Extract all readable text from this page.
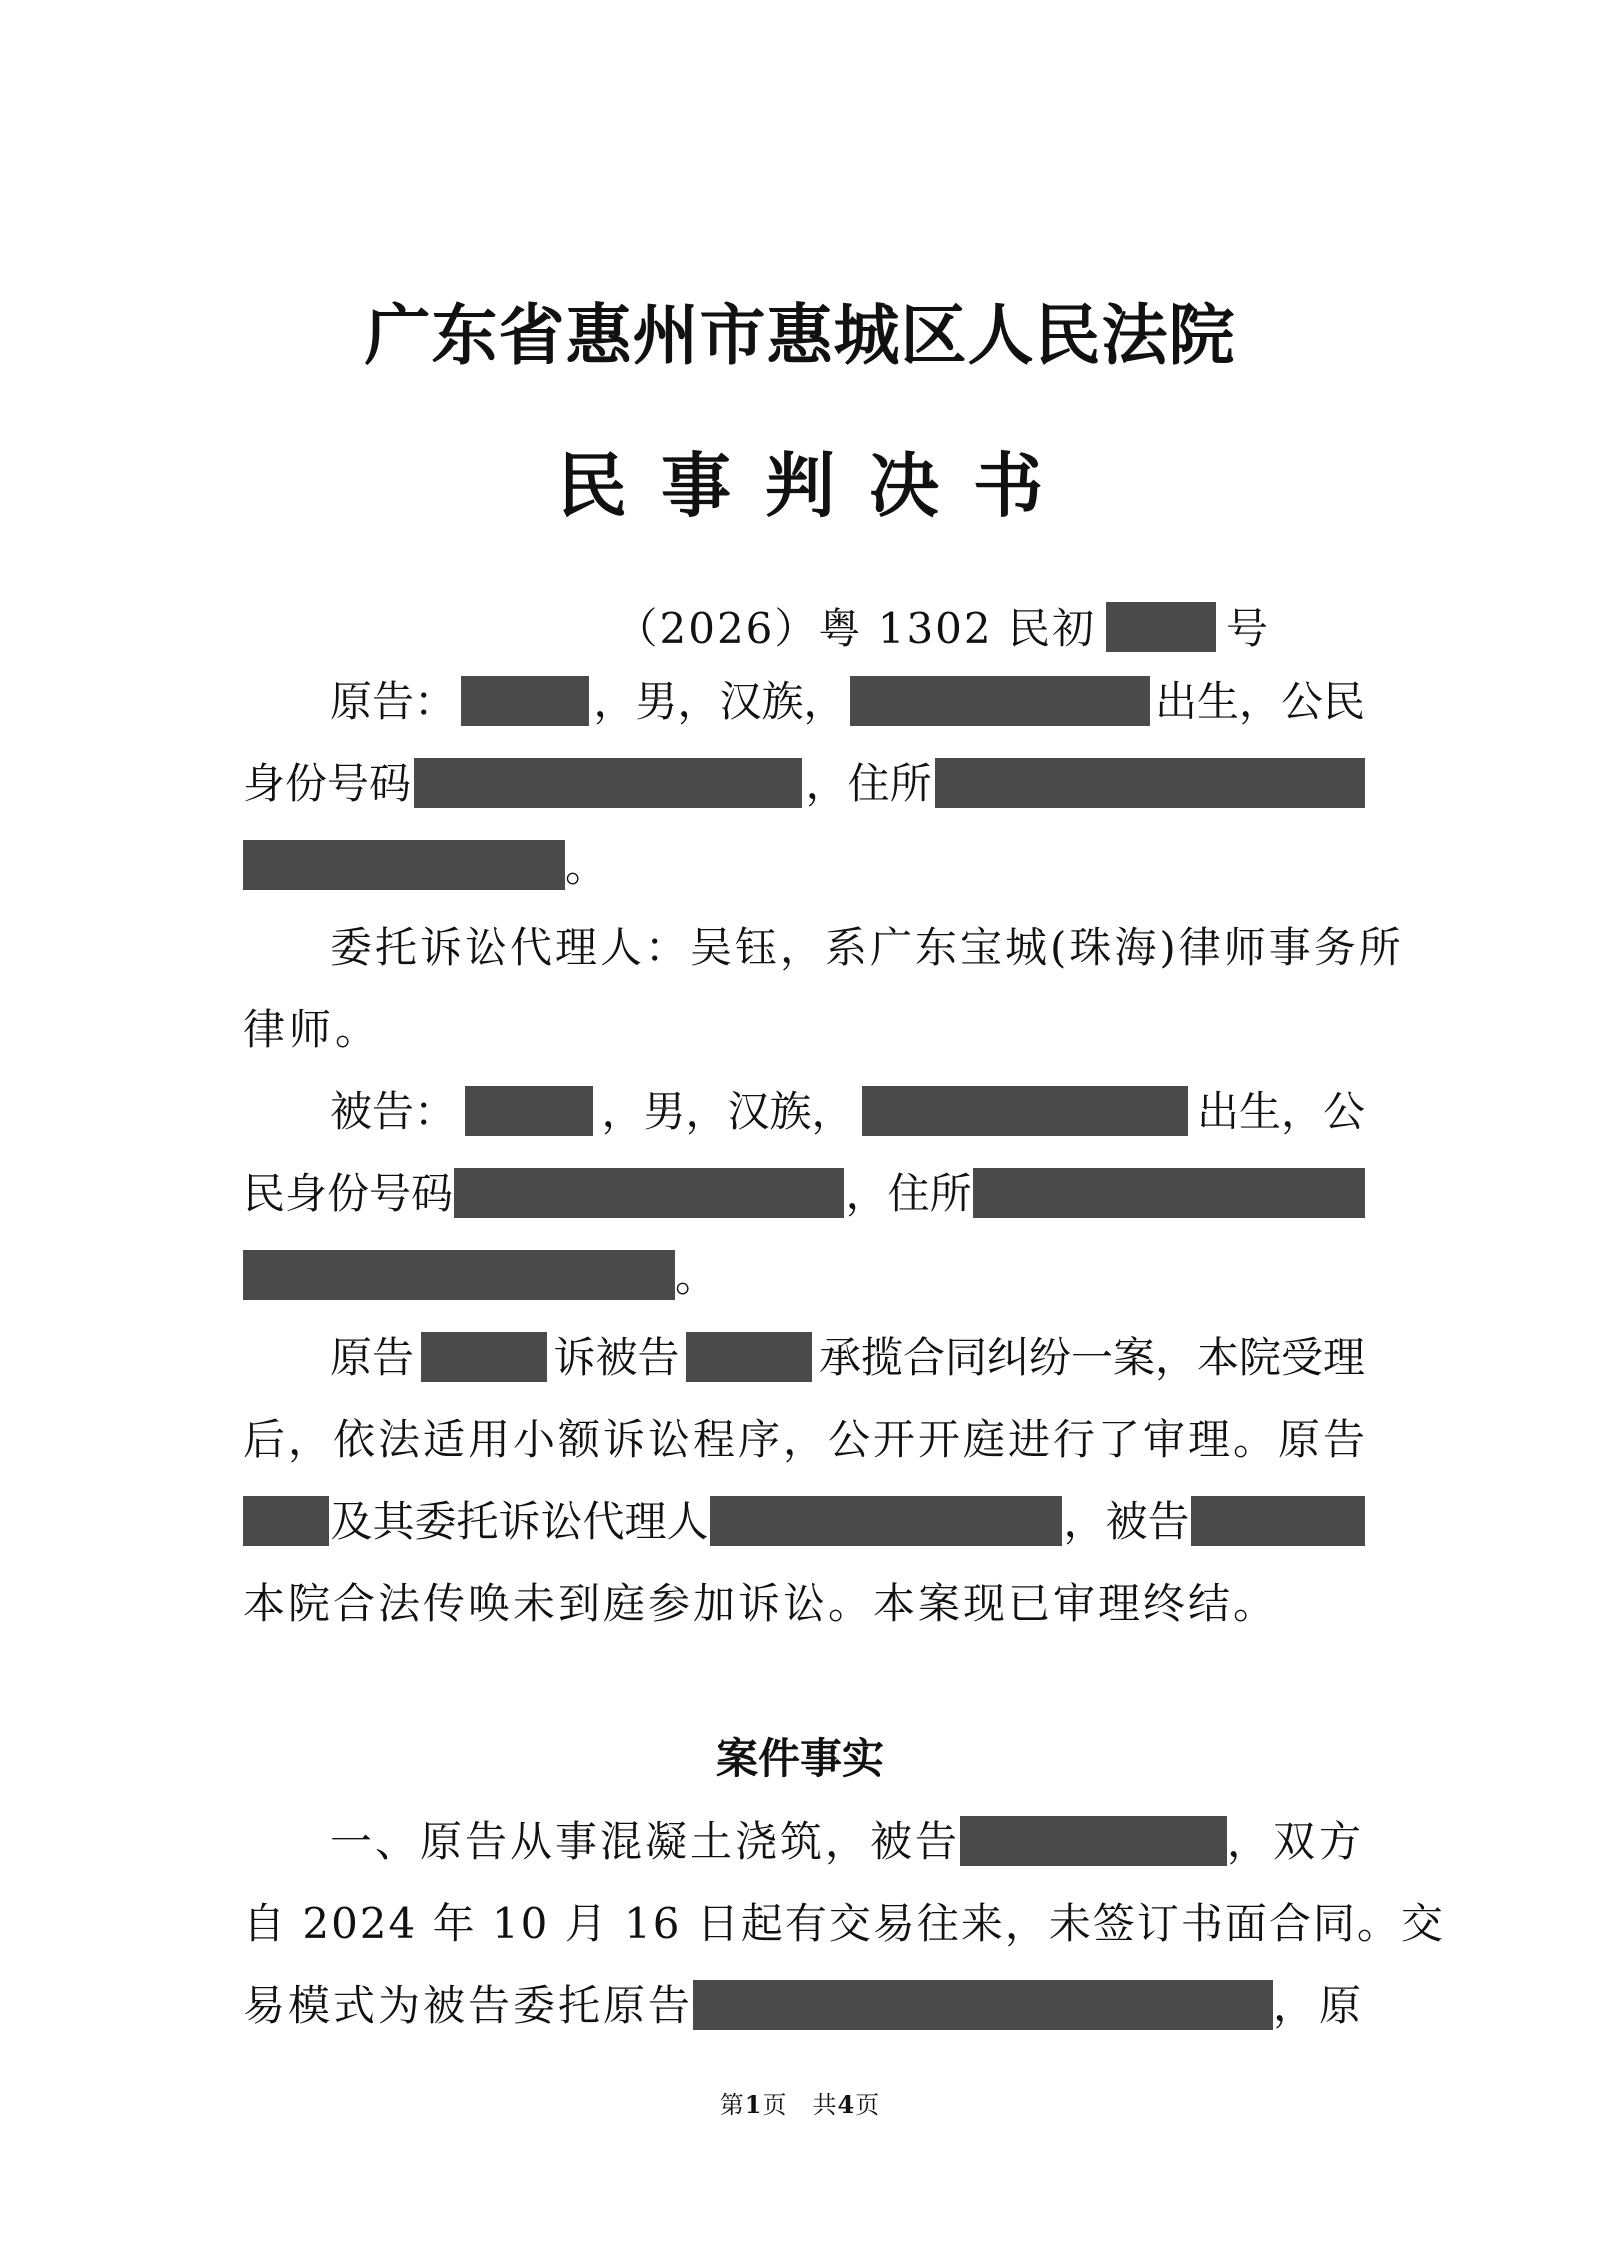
广东省惠州市惠城区人民法院
民事判决书
（2026）粤 1302 民初	号
原告：	，男，汉族，	出生，公民
身份号码	，住所
。
委托诉讼代理人：吴钰，系广东宝城(珠海)律师事务所
律师。
被告：	，男，汉族，	出生，公
民身份号码	，住所
。
原告	诉被告	承揽合同纠纷一案，本院受理
后，依法适用小额诉讼程序，公开开庭进行了审理。原告
及其委托诉讼代理人	，被告
本院合法传唤未到庭参加诉讼。本案现已审理终结。
案件事实
一、原告从事混凝土浇筑，被告	，双方
自 2024 年 10 月 16 日起有交易往来，未签订书面合同。交
易模式为被告委托原告	，原
第1页　共4页
